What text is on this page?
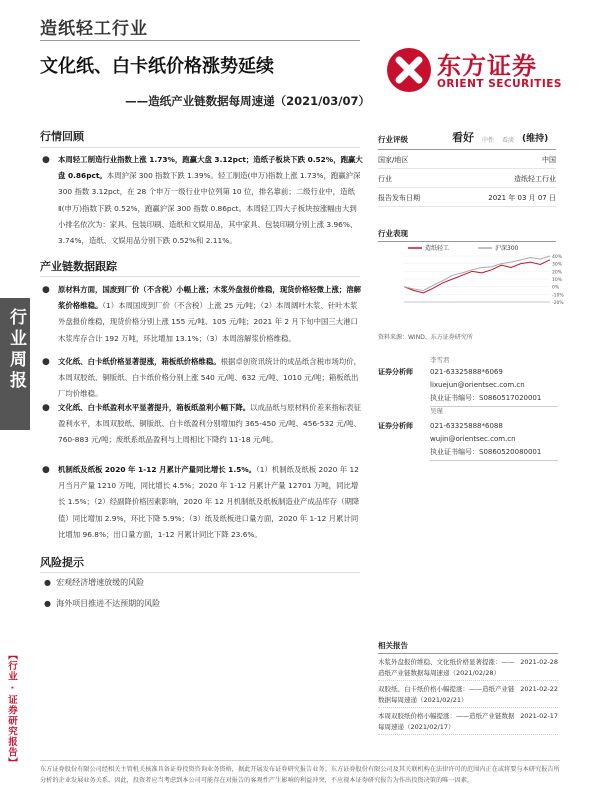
造纸轻工行业
文化纸、白卡纸价格涨势延续
——造纸产业链数据每周速递（2021/03/07）
东方证券
ORIENT SECURITIES
行业周报
【行业 · 证券研究报告】
行情回顾
● 本周轻工制造行业指数上涨 1.73%，跑赢大盘 3.12pct；造纸子板块下跌 0.52%，跑赢大盘 0.86pct。本周沪深 300 指数下跌 1.39%。轻工制造(申万)指数上涨 1.73%，跑赢沪深 300 指数 3.12pct，在 28 个申万一级行业中位列第 10 位，排名靠前；二级行业中，造纸Ⅱ(申万)指数下跌 0.52%，跑赢沪深 300 指数 0.86pct。本周轻工四大子板块按涨幅由大到小排名依次为：家具、包装印刷、造纸和文娱用品，其中家具、包装印刷分别上涨 3.96%、3.74%，造纸、文娱用品分别下跌 0.52%和 2.11%。
产业链数据跟踪
● 原材料方面，国废到厂价（不含税）小幅上涨；木浆外盘报价维稳，现货价格轻微上涨；溶解浆价格维稳。（1）本周国废到厂价（不含税）上涨 25 元/吨；（2）本周阔叶木浆、针叶木浆外盘报价维稳，现货价格分别上涨 155 元/吨、105 元/吨；2021 年 2 月下旬中国三大港口木浆库存合计 192 万吨，环比增加 13.1%；（3）本周溶解浆价格维稳。
● 文化纸、白卡纸价格显著提涨，箱板纸价格维稳。根据卓创资讯统计的成品纸含税市场均价，本周双胶纸、铜版纸、白卡纸价格分别上涨 540 元/吨、632 元/吨、1010 元/吨；箱板纸出厂均价维稳。
● 文化纸、白卡纸盈利水平显著提升，箱板纸盈利小幅下降。以成品纸与原材料价差来指标表征盈利水平，本周双胶纸、铜版纸、白卡纸盈利分别增加约 365-450 元/吨、456-532 元/吨、760-883 元/吨；废纸系纸品盈利与上周相比下降约 11-18 元/吨。
● 机制纸及纸板 2020 年 1-12 月累计产量同比增长 1.5%。（1）机制纸及纸板 2020 年 12 月当月产量 1210 万吨，同比增长 4.5%；2020 年 1-12 月累计产量 12701 万吨，同比增长 1.5%；（2）经副降价格因素影响，2020 年 12 月机制纸及纸板制造业产成品库存（期降值）同比增加 2.9%，环比下降 5.9%；（3）纸及纸板进口量方面，2020 年 1-12 月累计同比增加 96.8%；出口量方面，1-12 月累计同比下降 23.6%。
风险提示
● 宏观经济增速放缓的风险
● 海外项目推进不达预期的风险
行业评级	看好 中性 看淡 (维持)
国家/地区	中国
行业	造纸轻工行业
报告发布日期	2021 年 03 月 07 日
行业表现
造纸轻工	沪深300
40%
30%
20%
10%
0%
-10%
-20%
资料来源：WIND、东方证券研究所
证券分析师 021-63325888*6069
lixuejun@orientsec.com.cn
执业证书编号：S0860517020001
证券分析师 021-63325888*6088
wujin@orientsec.com.cn
执业证书编号：S0860520080001
李雪君
吴瑾
相关报告
木浆外盘报价维稳、文化纸价格显著提涨：——造纸产业链数据每周速递（2021/02/28）
2021-02-28
双胶纸、白卡纸价格小幅提涨：——造纸产业链数据每周速递（2021/02/21）
2021-02-22
本周双胶纸价格小幅提涨：——造纸产业链数据每周速递（2021/02/17）
2021-02-17
东方证券股份有限公司经相关主管机关核准具备证券投资咨询业务资格，据此开展发布证券研究报告业务。东方证券股份有限公司及其关联机构在法律许可的范围内正在或将要与本研究报告所分析的企业发展业务关系。因此，投资者应当考虑到本公司可能存在对报告的客观性产生影响的利益冲突，不应视本证券研究报告为作出投资决策的唯一因素。
